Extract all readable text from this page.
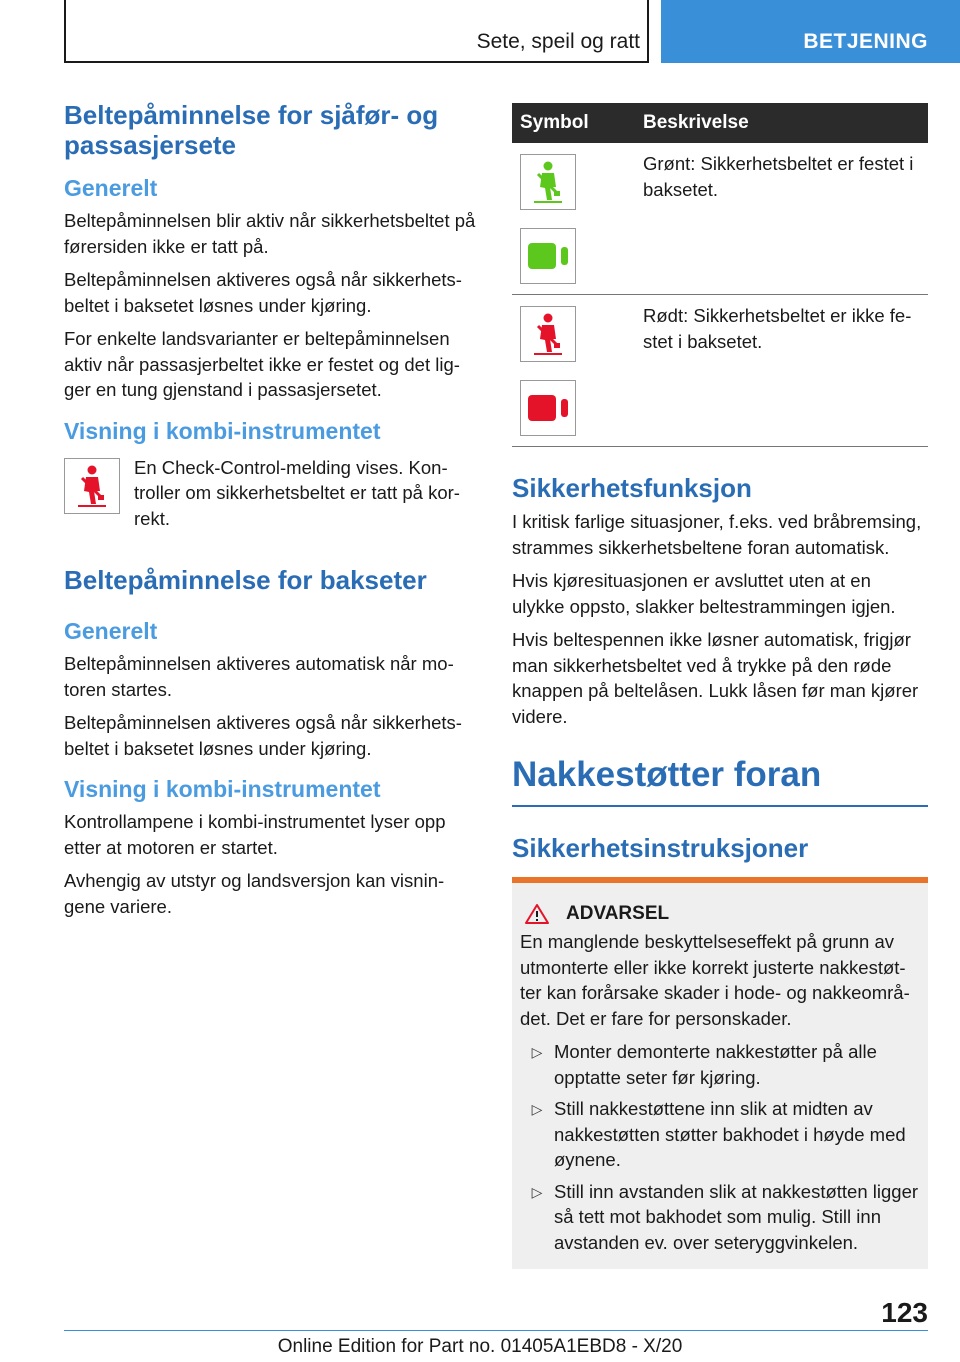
Sete, speil og ratt	BETJENING
Beltepåminnelse for sjåfør- og passasjersete
Generelt

Beltepåminnelsen blir aktiv når sikkerhetsbeltet på førersiden ikke er tatt på.

Beltepåminnelsen aktiveres også når sikkerhetsbeltet i baksetet løsnes under kjøring.

For enkelte landsvarianter er beltepåminnelsen aktiv når passasjerbeltet ikke er festet og det ligger en tung gjenstand i passasjersetet.

Visning i kombi-instrumentet

En Check-Control-melding vises. Kontroller om sikkerhetsbeltet er tatt på korrekt.

Beltepåminnelse for bakseter
Generelt

Beltepåminnelsen aktiveres automatisk når motoren startes.

Beltepåminnelsen aktiveres også når sikkerhetsbeltet i baksetet løsnes under kjøring.

Visning i kombi-instrumentet

Kontrollampene i kombi-instrumentet lyser opp etter at motoren er startet.

Avhengig av utstyr og landsversjon kan visningene variere.

Symbol	Beskrivelse

	Grønt: Sikkerhetsbeltet er festet i baksetet.

	Rødt: Sikkerhetsbeltet er ikke festet i baksetet.
Sikkerhetsfunksjon

I kritisk farlige situasjoner, f.eks. ved bråbremsing, strammes sikkerhetsbeltene foran automatisk.

Hvis kjøresituasjonen er avsluttet uten at en ulykke oppsto, slakker beltestrammingen igjen.

Hvis beltespennen ikke løsner automatisk, frigjør man sikkerhetsbeltet ved å trykke på den røde knappen på beltelåsen. Lukk låsen før man kjører videre.

Nakkestøtter foran
Sikkerhetsinstruksjoner
ADVARSEL

En manglende beskyttelseseffekt på grunn av utmonterte eller ikke korrekt justerte nakkestøtter kan forårsake skader i hode- og nakkeområdet. Det er fare for personskader.

▷ Monter demonterte nakkestøtter på alle opptatte seter før kjøring.
▷ Still nakkestøttene inn slik at midten av nakkestøtten støtter bakhodet i høyde med øynene.
▷ Still inn avstanden slik at nakkestøtten ligger så tett mot bakhodet som mulig. Still inn avstanden ev. over seteryggvinkelen.
123
Online Edition for Part no. 01405A1EBD8 - X/20
